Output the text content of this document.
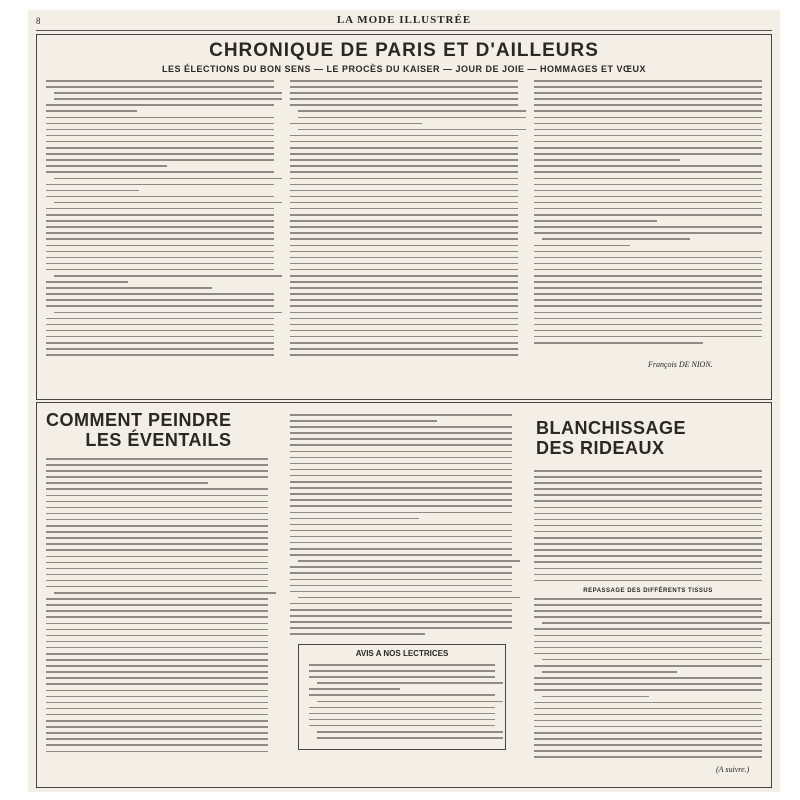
8	LA MODE ILLUSTRÉE
CHRONIQUE DE PARIS ET D'AILLEURS
LES ÉLECTIONS DU BON SENS — LE PROCÈS DU KAISER — JOUR DE JOIE — HOMMAGES ET VŒUX
François DE NION.
COMMENT PEINDRE
LES ÉVENTAILS
AVIS A NOS LECTRICES
BLANCHISSAGE
DES RIDEAUX
REPASSAGE DES DIFFÉRENTS TISSUS
(A suivre.)
